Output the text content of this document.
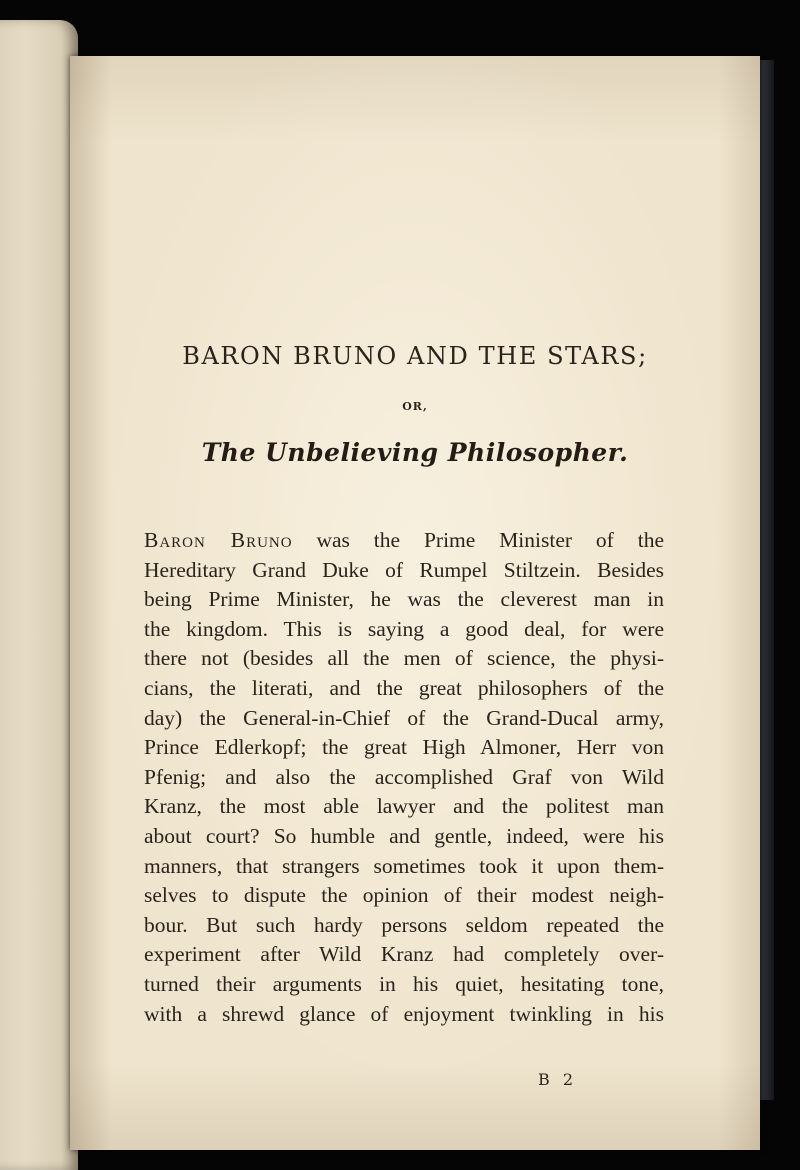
BARON BRUNO AND THE STARS;
OR,
The Unbelieving Philosopher.
Baron Bruno was the Prime Minister of the
Hereditary Grand Duke of Rumpel Stiltzein. Besides
being Prime Minister, he was the cleverest man in
the kingdom. This is saying a good deal, for were
there not (besides all the men of science, the physi-
cians, the literati, and the great philosophers of the
day) the General-in-Chief of the Grand-Ducal army,
Prince Edlerkopf; the great High Almoner, Herr von
Pfenig; and also the accomplished Graf von Wild
Kranz, the most able lawyer and the politest man
about court? So humble and gentle, indeed, were his
manners, that strangers sometimes took it upon them-
selves to dispute the opinion of their modest neigh-
bour. But such hardy persons seldom repeated the
experiment after Wild Kranz had completely over-
turned their arguments in his quiet, hesitating tone,
with a shrewd glance of enjoyment twinkling in his
B 2
